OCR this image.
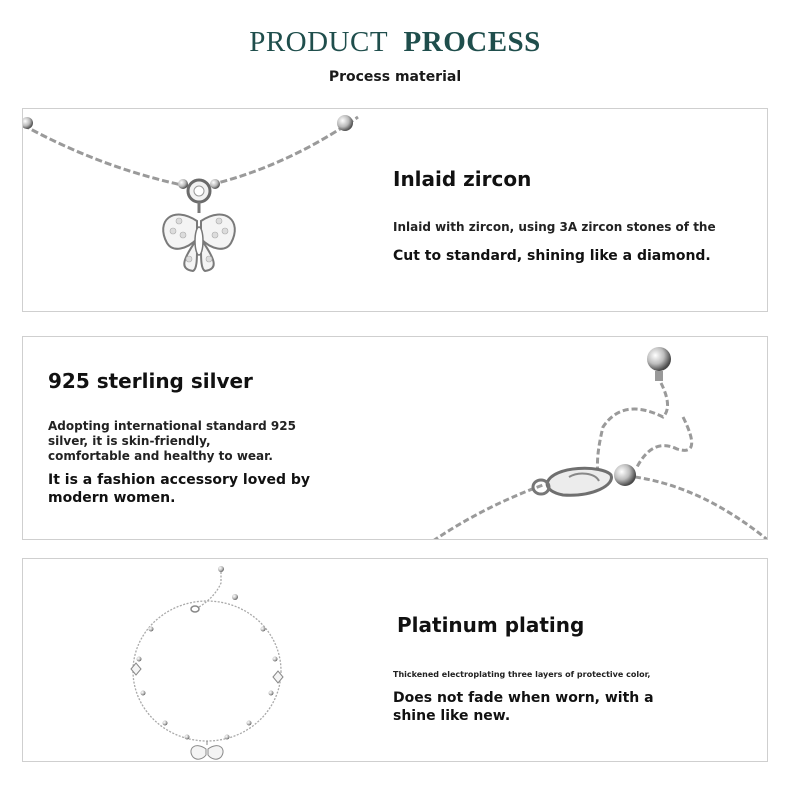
PRODUCT PROCESS
Process material
Inlaid zircon
Inlaid with zircon, using 3A zircon stones of the
Cut to standard, shining like a diamond.
925 sterling silver
Adopting international standard 925 silver, it is skin-friendly, comfortable and healthy to wear.
It is a fashion accessory loved by modern women.
Platinum plating
Thickened electroplating three layers of protective color,
Does not fade when worn, with a shine like new.
